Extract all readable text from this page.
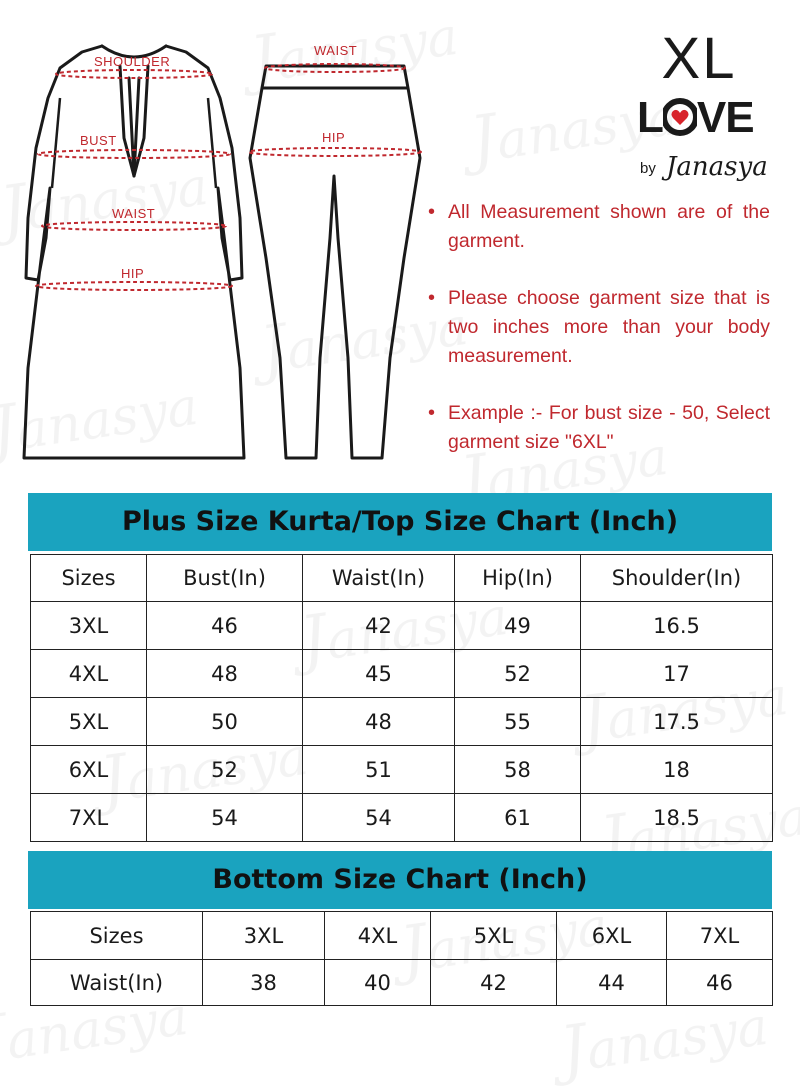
SHOULDER
BUST
WAIST
HIP
WAIST
HIP
XL
L VE
by Janasya
• All Measurement shown are of the garment.
• Please choose garment size that is two inches more than your body measurement.
• Example :- For bust size - 50, Select garment size "6XL"
Plus Size Kurta/Top Size Chart (Inch)
Sizes	Bust(In)	Waist(In)	Hip(In)	Shoulder(In)
3XL	46	42	49	16.5
4XL	48	45	52	17
5XL	50	48	55	17.5
6XL	52	51	58	18
7XL	54	54	61	18.5
Bottom Size Chart (Inch)
Sizes	3XL	4XL	5XL	6XL	7XL
Waist(In)	38	40	42	44	46
